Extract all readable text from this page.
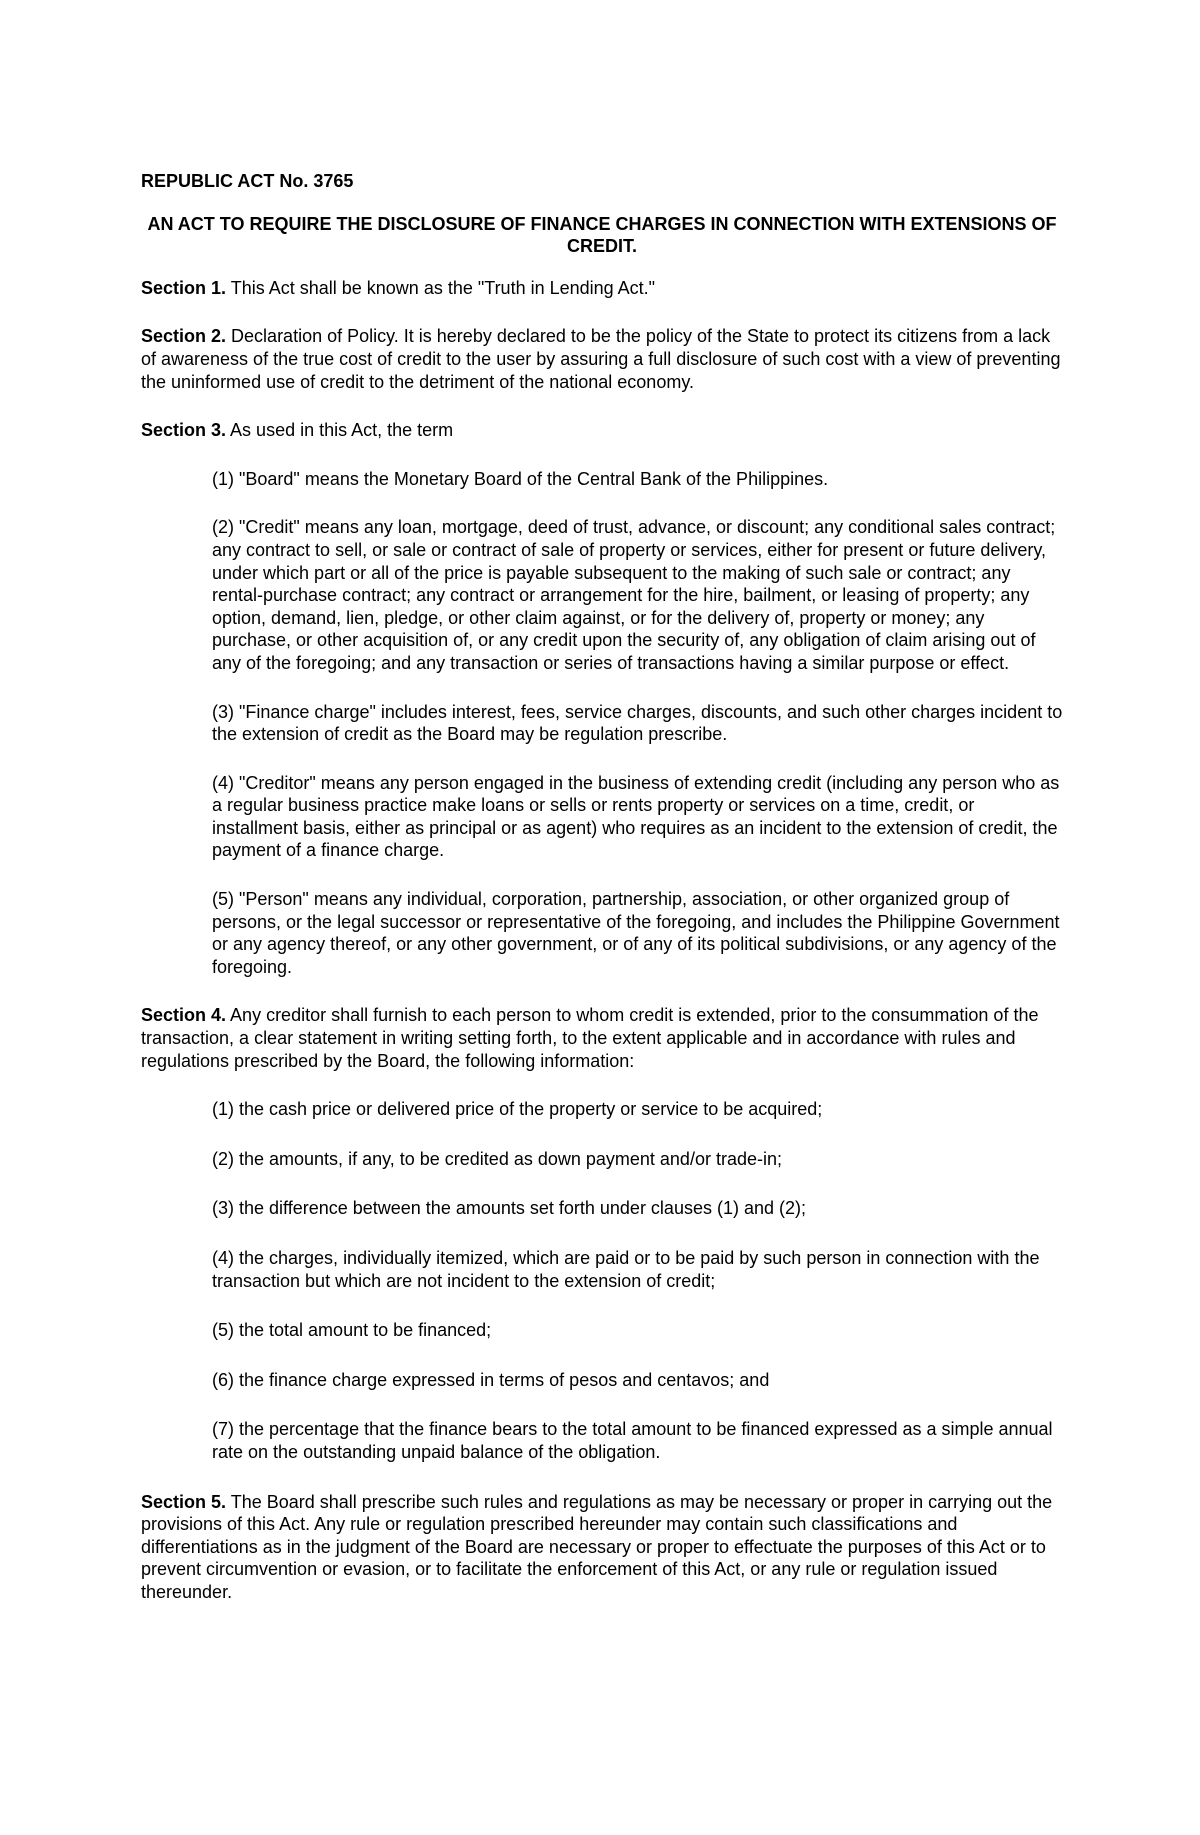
REPUBLIC ACT No. 3765
AN ACT TO REQUIRE THE DISCLOSURE OF FINANCE CHARGES IN CONNECTION WITH EXTENSIONS OF CREDIT.

Section 1. This Act shall be known as the "Truth in Lending Act."

Section 2. Declaration of Policy. It is hereby declared to be the policy of the State to protect its citizens from a lack of awareness of the true cost of credit to the user by assuring a full disclosure of such cost with a view of preventing the uninformed use of credit to the detriment of the national economy.

Section 3. As used in this Act, the term

(1) "Board" means the Monetary Board of the Central Bank of the Philippines.

(2) "Credit" means any loan, mortgage, deed of trust, advance, or discount; any conditional sales contract; any contract to sell, or sale or contract of sale of property or services, either for present or future delivery, under which part or all of the price is payable subsequent to the making of such sale or contract; any rental-purchase contract; any contract or arrangement for the hire, bailment, or leasing of property; any option, demand, lien, pledge, or other claim against, or for the delivery of, property or money; any purchase, or other acquisition of, or any credit upon the security of, any obligation of claim arising out of any of the foregoing; and any transaction or series of transactions having a similar purpose or effect.

(3) "Finance charge" includes interest, fees, service charges, discounts, and such other charges incident to the extension of credit as the Board may be regulation prescribe.

(4) "Creditor" means any person engaged in the business of extending credit (including any person who as a regular business practice make loans or sells or rents property or services on a time, credit, or installment basis, either as principal or as agent) who requires as an incident to the extension of credit, the payment of a finance charge.

(5) "Person" means any individual, corporation, partnership, association, or other organized group of persons, or the legal successor or representative of the foregoing, and includes the Philippine Government or any agency thereof, or any other government, or of any of its political subdivisions, or any agency of the foregoing.

Section 4. Any creditor shall furnish to each person to whom credit is extended, prior to the consummation of the transaction, a clear statement in writing setting forth, to the extent applicable and in accordance with rules and regulations prescribed by the Board, the following information:

(1) the cash price or delivered price of the property or service to be acquired;

(2) the amounts, if any, to be credited as down payment and/or trade-in;

(3) the difference between the amounts set forth under clauses (1) and (2);

(4) the charges, individually itemized, which are paid or to be paid by such person in connection with the transaction but which are not incident to the extension of credit;

(5) the total amount to be financed;

(6) the finance charge expressed in terms of pesos and centavos; and

(7) the percentage that the finance bears to the total amount to be financed expressed as a simple annual rate on the outstanding unpaid balance of the obligation.

Section 5. The Board shall prescribe such rules and regulations as may be necessary or proper in carrying out the provisions of this Act. Any rule or regulation prescribed hereunder may contain such classifications and differentiations as in the judgment of the Board are necessary or proper to effectuate the purposes of this Act or to prevent circumvention or evasion, or to facilitate the enforcement of this Act, or any rule or regulation issued thereunder.
